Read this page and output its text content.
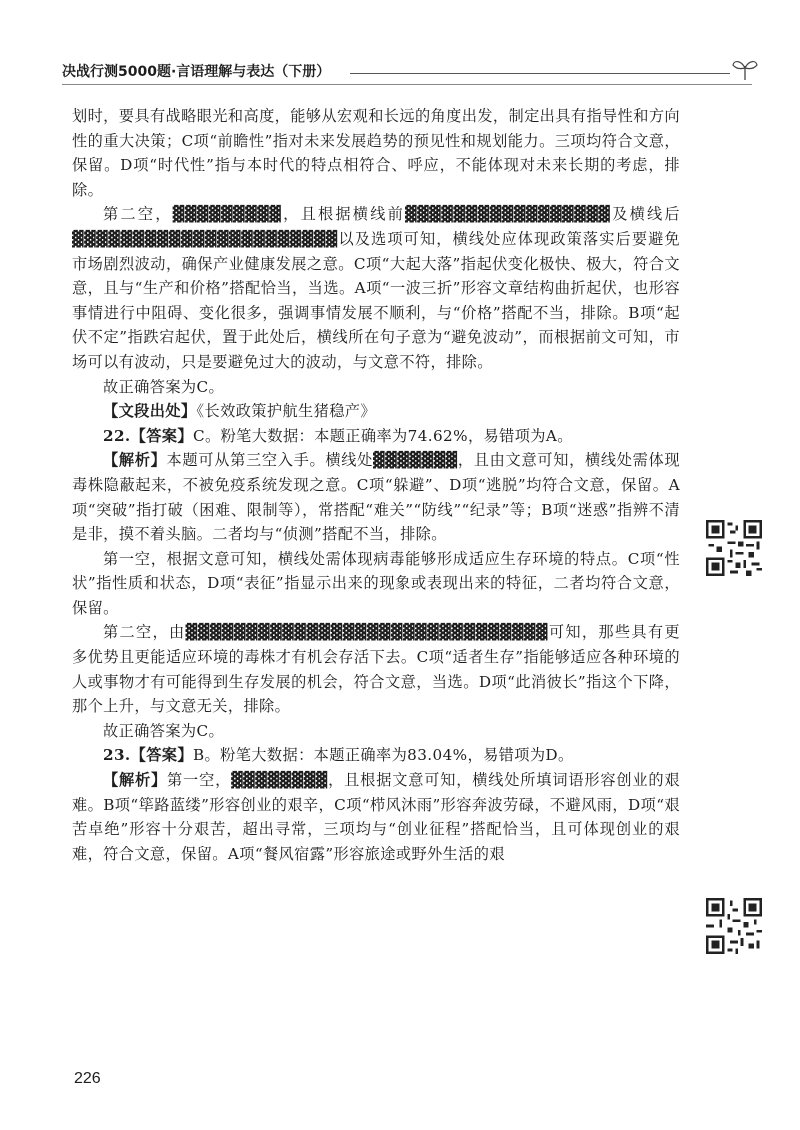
决战行测5000题·言语理解与表达（下册）

划时，要具有战略眼光和高度，能够从宏观和长远的角度出发，制定出具有指导性和方向性的重大决策；C项“前瞻性”指对未来发展趋势的预见性和规划能力。三项均符合文意，保留。D项“时代性”指与本时代的特点相符合、呼应，不能体现对未来长期的考虑，排除。

第二空，▓▓▓▓▓▓▓▓▓，且根据横线前▓▓▓▓▓▓▓▓▓▓▓▓▓▓▓▓▓及横线后▓▓▓▓▓▓▓▓▓▓▓▓▓▓▓▓▓▓▓▓▓▓以及选项可知，横线处应体现政策落实后要避免市场剧烈波动，确保产业健康发展之意。C项“大起大落”指起伏变化极快、极大，符合文意，且与“生产和价格”搭配恰当，当选。A项“一波三折”形容文章结构曲折起伏，也形容事情进行中阻碍、变化很多，强调事情发展不顺利，与“价格”搭配不当，排除。B项“起伏不定”指跌宕起伏，置于此处后，横线所在句子意为“避免波动”，而根据前文可知，市场可以有波动，只是要避免过大的波动，与文意不符，排除。

故正确答案为C。

【文段出处】《长效政策护航生猪稳产》

22.【答案】C。粉笔大数据：本题正确率为74.62%，易错项为A。

【解析】本题可从第三空入手。横线处▓▓▓▓▓▓▓，且由文意可知，横线处需体现毒株隐蔽起来，不被免疫系统发现之意。C项“躲避”、D项“逃脱”均符合文意，保留。A项“突破”指打破（困难、限制等），常搭配“难关”“防线”“纪录”等；B项“迷惑”指辨不清是非，摸不着头脑。二者均与“侦测”搭配不当，排除。

第一空，根据文意可知，横线处需体现病毒能够形成适应生存环境的特点。C项“性状”指性质和状态，D项“表征”指显示出来的现象或表现出来的特征，二者均符合文意，保留。

第二空，由▓▓▓▓▓▓▓▓▓▓▓▓▓▓▓▓▓▓▓▓▓▓▓▓▓▓▓▓▓▓可知，那些具有更多优势且更能适应环境的毒株才有机会存活下去。C项“适者生存”指能够适应各种环境的人或事物才有可能得到生存发展的机会，符合文意，当选。D项“此消彼长”指这个下降，那个上升，与文意无关，排除。

故正确答案为C。

23.【答案】B。粉笔大数据：本题正确率为83.04%，易错项为D。

【解析】第一空，▓▓▓▓▓▓▓▓，且根据文意可知，横线处所填词语形容创业的艰难。B项“筚路蓝缕”形容创业的艰辛，C项“栉风沐雨”形容奔波劳碌，不避风雨，D项“艰苦卓绝”形容十分艰苦，超出寻常，三项均与“创业征程”搭配恰当，且可体现创业的艰难，符合文意，保留。A项“餐风宿露”形容旅途或野外生活的艰

226
